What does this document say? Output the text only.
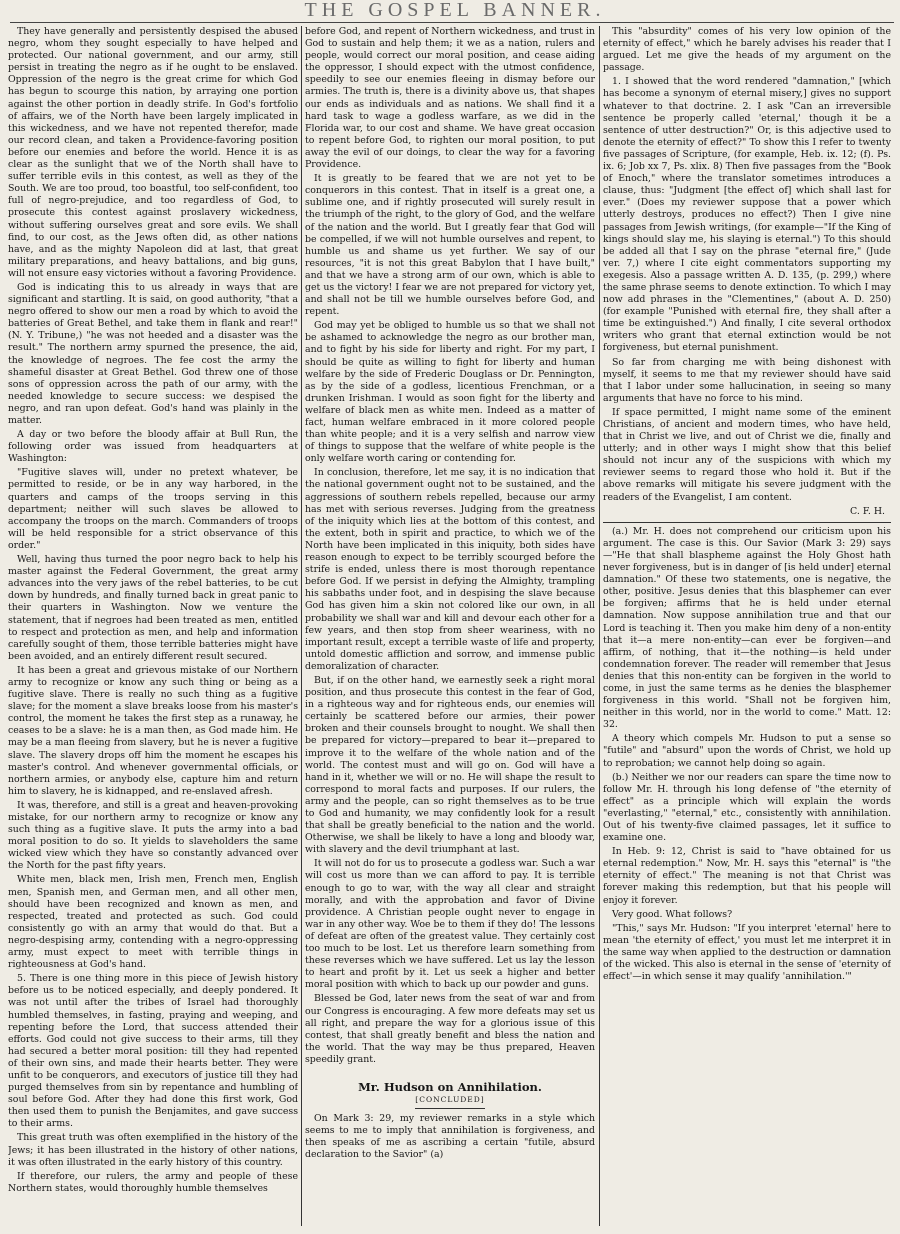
THE GOSPEL BANNER.

They have generally and persistently despised the abused negro, whom they sought especially to have helped and protected. Our national government, and our army, still persist in treating the negro as if he ought to be enslaved. Oppression of the negro is the great crime for which God has begun to scourge this nation, by arraying one portion against the other portion in deadly strife. In God's fortfolio of affairs, we of the North have been largely implicated in this wickedness, and we have not repented therefor, made our record clean, and taken a Providence-favoring position before our enemies and before the world. Hence it is as clear as the sunlight that we of the North shall have to suffer terrible evils in this contest, as well as they of the South. We are too proud, too boastful, too self-confident, too full of negro-prejudice, and too regardless of God, to prosecute this contest against proslavery wickedness, without suffering ourselves great and sore evils. We shall find, to our cost, as the Jews often did, as other nations have, and as the mighty Napoleon did at last, that great military preparations, and heavy battalions, and big guns, will not ensure easy victories without a favoring Providence.

God is indicating this to us already in ways that are significant and startling. It is said, on good authority, "that a negro offered to show our men a road by which to avoid the batteries of Great Bethel, and take them in flank and rear!" (N. Y. Tribune,) "he was not heeded and a disaster was the result." The northern army spurned the presence, the aid, the knowledge of negroes. The fee cost the army the shameful disaster at Great Bethel. God threw one of those sons of oppression across the path of our army, with the needed knowledge to secure success: we despised the negro, and ran upon defeat. God's hand was plainly in the matter.

A day or two before the bloody affair at Bull Run, the following order was issued from headquarters at Washington:

"Fugitive slaves will, under no pretext whatever, be permitted to reside, or be in any way harbored, in the quarters and camps of the troops serving in this department; neither will such slaves be allowed to accompany the troops on the march. Commanders of troops will be held responsible for a strict observance of this order."

Well, having thus turned the poor negro back to help his master against the Federal Government, the great army advances into the very jaws of the rebel batteries, to be cut down by hundreds, and finally turned back in great panic to their quarters in Washington. Now we venture the statement, that if negroes had been treated as men, entitled to respect and protection as men, and help and information carefully sought of them, those terrible batteries might have been avoided, and an entirely different result secured.

It has been a great and grievous mistake of our Northern army to recognize or know any such thing or being as a fugitive slave. There is really no such thing as a fugitive slave; for the moment a slave breaks loose from his master's control, the moment he takes the first step as a runaway, he ceases to be a slave: he is a man then, as God made him. He may be a man fleeing from slavery, but he is never a fugitive slave. The slavery drops off him the moment he escapes his master's control. And whenever governmental officials, or northern armies, or anybody else, capture him and return him to slavery, he is kidnapped, and re-enslaved afresh.

It was, therefore, and still is a great and heaven-provoking mistake, for our northern army to recognize or know any such thing as a fugitive slave. It puts the army into a bad moral position to do so. It yields to slaveholders the same wicked view which they have so constantly advanced over the North for the past fifty years.

White men, black men, Irish men, French men, English men, Spanish men, and German men, and all other men, should have been recognized and known as men, and respected, treated and protected as such. God could consistently go with an army that would do that. But a negro-despising army, contending with a negro-oppressing army, must expect to meet with terrible things in righteousness at God's hand.

5. There is one thing more in this piece of Jewish history before us to be noticed especially, and deeply pondered. It was not until after the tribes of Israel had thoroughly humbled themselves, in fasting, praying and weeping, and repenting before the Lord, that success attended their efforts. God could not give success to their arms, till they had secured a better moral position: till they had repented of their own sins, and made their hearts better. They were unfit to be conquerors, and executors of justice till they had purged themselves from sin by repentance and humbling of soul before God. After they had done this first work, God then used them to punish the Benjamites, and gave success to their arms.

This great truth was often exemplified in the history of the Jews; it has been illustrated in the history of other nations, it was often illustrated in the early history of this country.

If therefore, our rulers, the army and people of these Northern states, would thoroughly humble themselves

before God, and repent of Northern wickedness, and trust in God to sustain and help them; it we as a nation, rulers and people, would correct our moral position, and cease aiding the oppressor, I should expect with the utmost confidence, speedily to see our enemies fleeing in dismay before our armies. The truth is, there is a divinity above us, that shapes our ends as individuals and as nations. We shall find it a hard task to wage a godless warfare, as we did in the Florida war, to our cost and shame. We have great occasion to repent before God, to righten our moral position, to put away the evil of our doings, to clear the way for a favoring Providence.

It is greatly to be feared that we are not yet to be conquerors in this contest. That in itself is a great one, a sublime one, and if rightly prosecuted will surely result in the triumph of the right, to the glory of God, and the welfare of the nation and the world. But I greatly fear that God will be compelled, if we will not humble ourselves and repent, to humble us and shame us yet further. We say of our resources, "it is not this great Babylon that I have built," and that we have a strong arm of our own, which is able to get us the victory! I fear we are not prepared for victory yet, and shall not be till we humble ourselves before God, and repent.

God may yet be obliged to humble us so that we shall not be ashamed to acknowledge the negro as our brother man, and to fight by his side for liberty and right. For my part, I should be quite as willing to fight for liberty and human welfare by the side of Frederic Douglass or Dr. Pennington, as by the side of a godless, licentious Frenchman, or a drunken Irishman. I would as soon fight for the liberty and welfare of black men as white men. Indeed as a matter of fact, human welfare embraced in it more colored people than white people; and it is a very selfish and narrow view of things to suppose that the welfare of white people is the only welfare worth caring or contending for.

In conclusion, therefore, let me say, it is no indication that the national government ought not to be sustained, and the aggressions of southern rebels repelled, because our army has met with serious reverses. Judging from the greatness of the iniquity which lies at the bottom of this contest, and the extent, both in spirit and practice, to which we of the North have been implicated in this iniquity, both sides have reason enough to expect to be terribly scourged before the strife is ended, unless there is most thorough repentance before God. If we persist in defying the Almighty, trampling his sabbaths under foot, and in despising the slave because God has given him a skin not colored like our own, in all probability we shall war and kill and devour each other for a few years, and then stop from sheer weariness, with no important result, except a terrible waste of life and property, untold domestic affliction and sorrow, and immense public demoralization of character.

But, if on the other hand, we earnestly seek a right moral position, and thus prosecute this contest in the fear of God, in a righteous way and for righteous ends, our enemies will certainly be scattered before our armies, their power broken and their counsels brought to nought. We shall then be prepared for victory—prepared to bear it—prepared to improve it to the welfare of the whole nation and of the world. The contest must and will go on. God will have a hand in it, whether we will or no. He will shape the result to correspond to moral facts and purposes. If our rulers, the army and the people, can so right themselves as to be true to God and humanity, we may confidently look for a result that shall be greatly beneficial to the nation and the world. Otherwise, we shall be likely to have a long and bloody war, with slavery and the devil triumphant at last.

It will not do for us to prosecute a godless war. Such a war will cost us more than we can afford to pay. It is terrible enough to go to war, with the way all clear and straight morally, and with the approbation and favor of Divine providence. A Christian people ought never to engage in war in any other way. Woe be to them if they do! The lessons of defeat are often of the greatest value. They certainly cost too much to be lost. Let us therefore learn something from these reverses which we have suffered. Let us lay the lesson to heart and profit by it. Let us seek a higher and better moral position with which to back up our powder and guns.

Blessed be God, later news from the seat of war and from our Congress is encouraging. A few more defeats may set us all right, and prepare the way for a glorious issue of this contest, that shall greatly benefit and bless the nation and the world. That the way may be thus prepared, Heaven speedily grant.

Mr. Hudson on Annihilation.
[CONCLUDED]

On Mark 3: 29, my reviewer remarks in a style which seems to me to imply that annihilation is forgiveness, and then speaks of me as ascribing a certain "futile, absurd declaration to the Savior" (a)

This "absurdity" comes of his very low opinion of the eternity of effect," which he barely advises his reader that I argued. Let me give the heads of my argument on the passage.

1. I showed that the word rendered "damnation," [which has become a synonym of eternal misery,] gives no support whatever to that doctrine. 2. I ask "Can an irreversible sentence be properly called 'eternal,' though it be a sentence of utter destruction?" Or, is this adjective used to denote the eternity of effect?" To show this I refer to twenty five passages of Scripture, (for example, Heb. ix. 12; (f). Ps. ix. 6; Job xx 7, Ps. xlix. 8) Then five passages from the "Book of Enoch," where the translator sometimes introduces a clause, thus: "Judgment [the effect of] which shall last for ever." (Does my reviewer suppose that a power which utterly destroys, produces no effect?) Then I give nine passages from Jewish writings, (for example—"If the King of kings should slay me, his slaying is eternal.") To this should be added all that I say on the phrase "eternal fire," (Jude ver. 7,) where I cite eight commentators supporting my exegesis. Also a passage written A. D. 135, (p. 299,) where the same phrase seems to denote extinction. To which I may now add phrases in the "Clementines," (about A. D. 250) (for example "Punished with eternal fire, they shall after a time be extinguished.") And finally, I cite several orthodox writers who grant that eternal extinction would be not forgiveness, but eternal punishment.

So far from charging me with being dishonest with myself, it seems to me that my reviewer should have said that I labor under some hallucination, in seeing so many arguments that have no force to his mind.

If space permitted, I might name some of the eminent Christians, of ancient and modern times, who have held, that in Christ we live, and out of Christ we die, finally and utterly; and in other ways I might show that this belief should not incur any of the suspicions with which my reviewer seems to regard those who hold it. But if the above remarks will mitigate his severe judgment with the readers of the Evangelist, I am content.

C. F. H.

(a.) Mr. H. does not comprehend our criticism upon his argument. The case is this. Our Savior (Mark 3: 29) says—"He that shall blaspheme against the Holy Ghost hath never forgiveness, but is in danger of [is held under] eternal damnation." Of these two statements, one is negative, the other, positive. Jesus denies that this blasphemer can ever be forgiven; affirms that he is held under eternal damnation. Now suppose annihilation true and that our Lord is teaching it. Then you make him deny of a non-entity that it—a mere non-entity—can ever be forgiven—and affirm, of nothing, that it—the nothing—is held under condemnation forever. The reader will remember that Jesus denies that this non-entity can be forgiven in the world to come, in just the same terms as he denies the blasphemer forgiveness in this world. "Shall not be forgiven him, neither in this world, nor in the world to come." Matt. 12: 32.

A theory which compels Mr. Hudson to put a sense so "futile" and "absurd" upon the words of Christ, we hold up to reprobation; we cannot help doing so again.

(b.) Neither we nor our readers can spare the time now to follow Mr. H. through his long defense of "the eternity of effect" as a principle which will explain the words "everlasting," "eternal," etc., consistently with annihilation. Out of his twenty-five claimed passages, let it suffice to examine one.

In Heb. 9: 12, Christ is said to "have obtained for us eternal redemption." Now, Mr. H. says this "eternal" is "the eternity of effect." The meaning is not that Christ was forever making this redemption, but that his people will enjoy it forever.

Very good. What follows?

"This," says Mr. Hudson: "If you interpret 'eternal' here to mean 'the eternity of effect,' you must let me interpret it in the same way when applied to the destruction or damnation of the wicked. This also is eternal in the sense of 'eternity of effect'—in which sense it may qualify 'annihilation.'"
